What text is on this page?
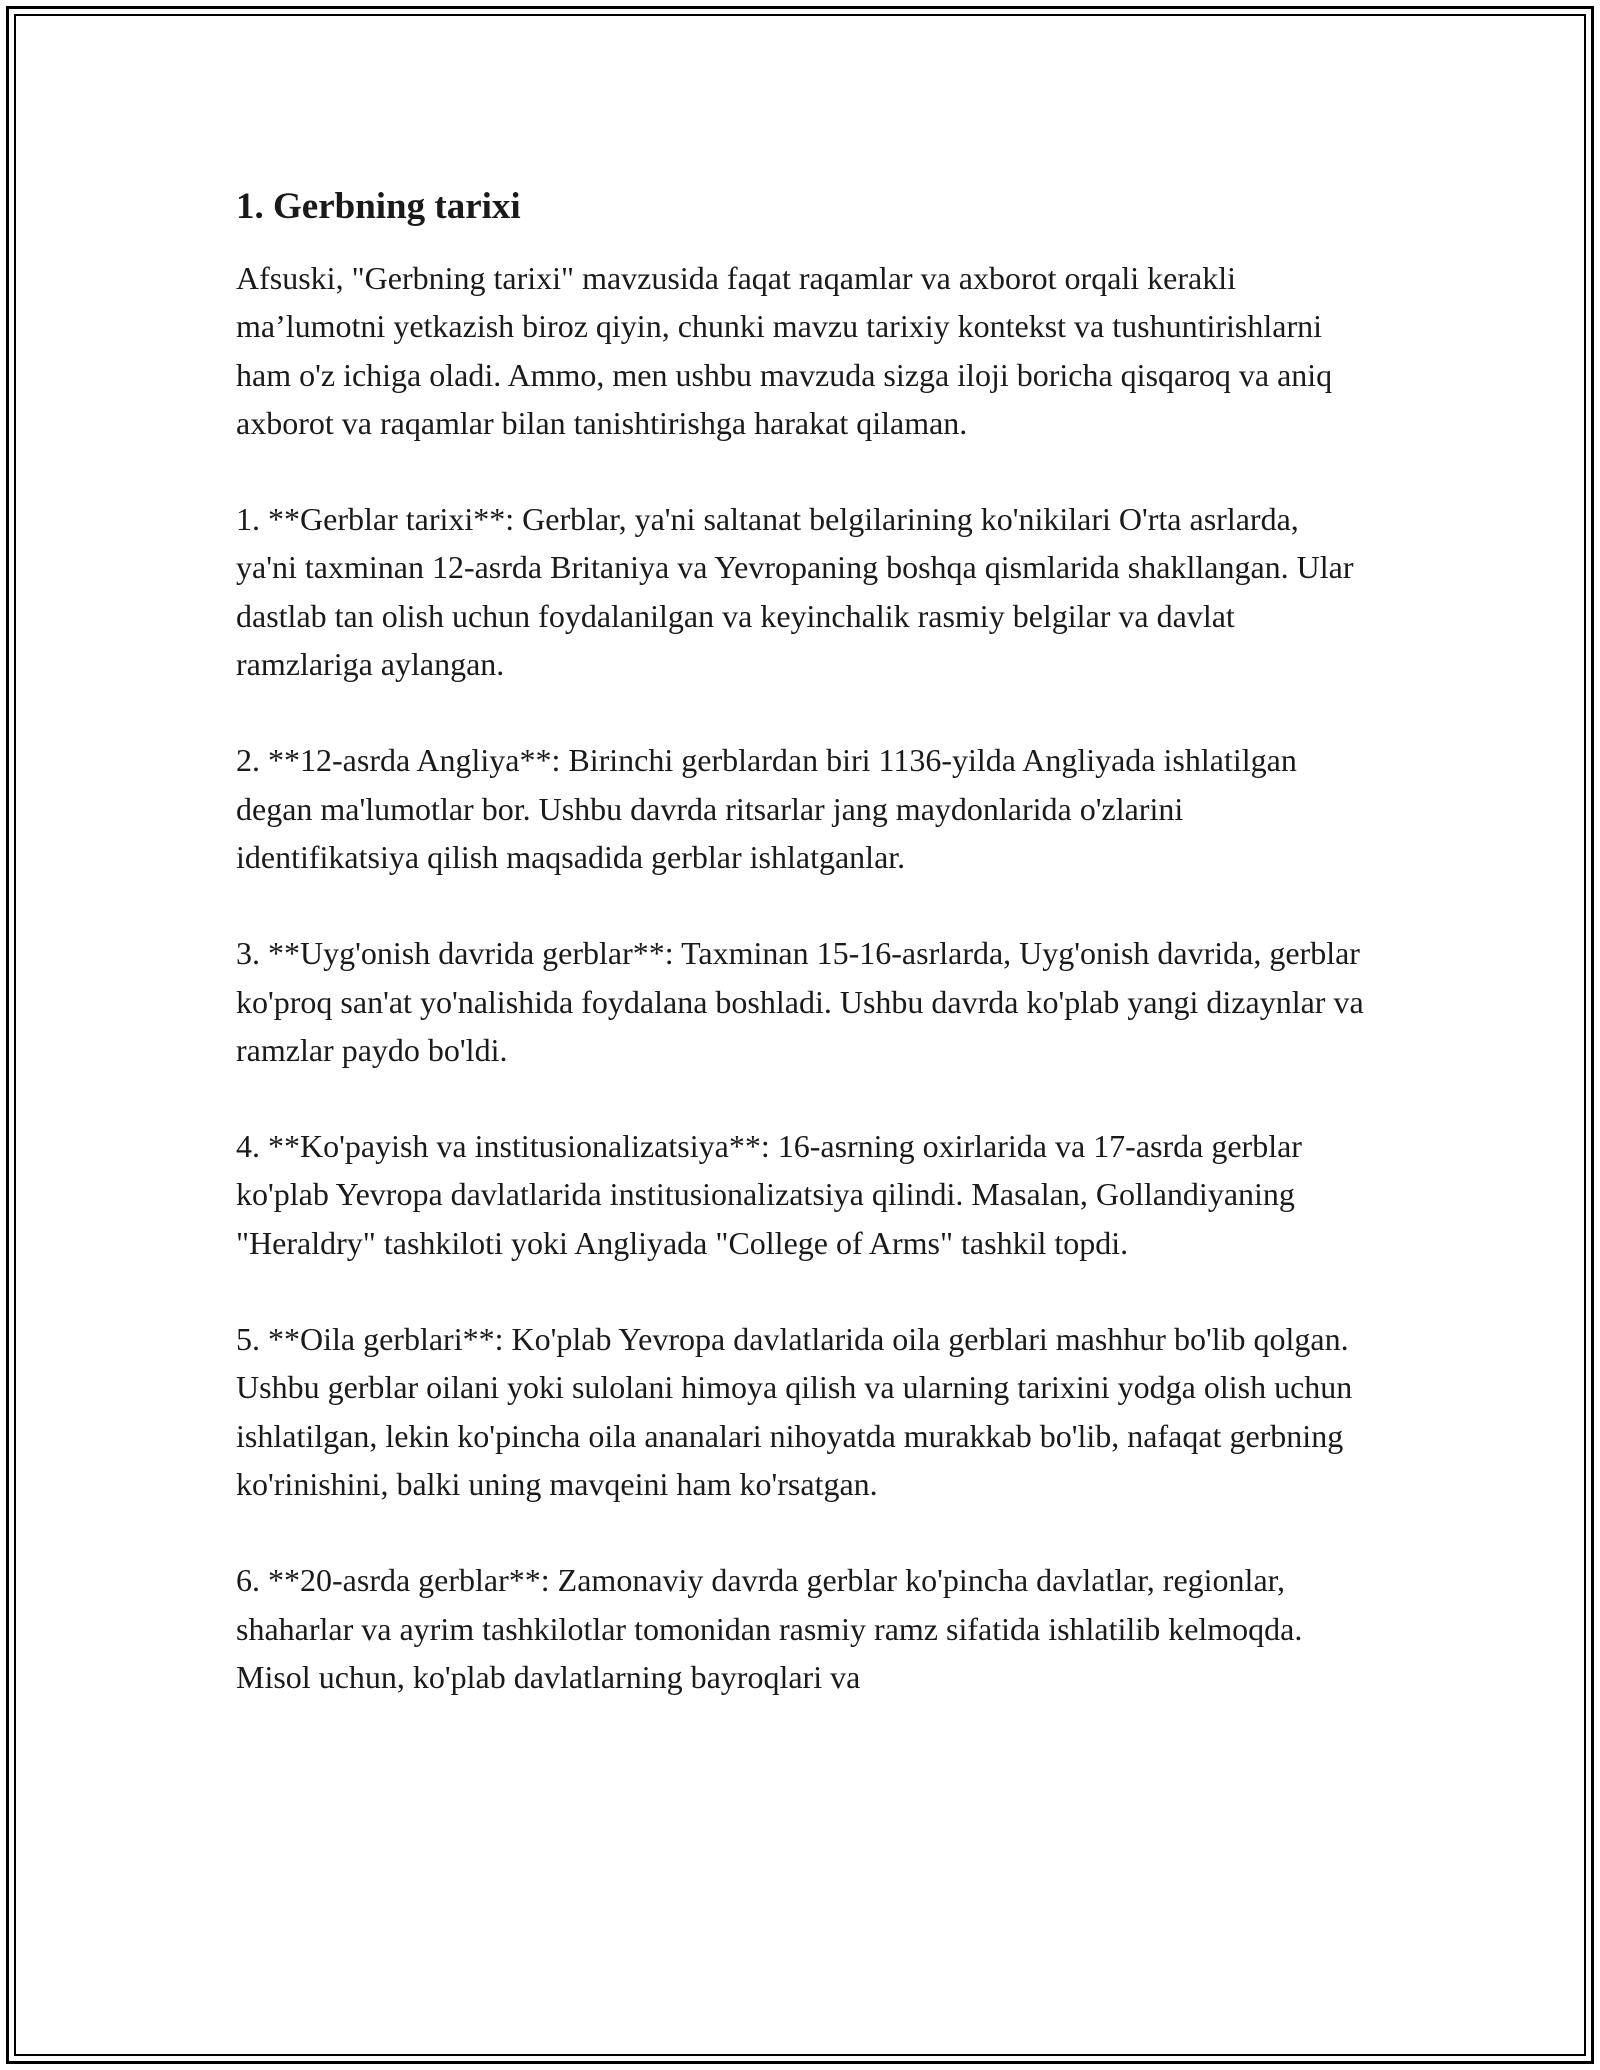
1. Gerbning tarixi

Afsuski, "Gerbning tarixi" mavzusida faqat raqamlar va axborot orqali kerakli ma’lumotni yetkazish biroz qiyin, chunki mavzu tarixiy kontekst va tushuntirishlarni ham o'z ichiga oladi. Ammo, men ushbu mavzuda sizga iloji boricha qisqaroq va aniq axborot va raqamlar bilan tanishtirishga harakat qilaman.

1. **Gerblar tarixi**: Gerblar, ya'ni saltanat belgilarining ko'nikilari O'rta asrlarda, ya'ni taxminan 12-asrda Britaniya va Yevropaning boshqa qismlarida shakllangan. Ular dastlab tan olish uchun foydalanilgan va keyinchalik rasmiy belgilar va davlat ramzlariga aylangan.

2. **12-asrda Angliya**: Birinchi gerblardan biri 1136-yilda Angliyada ishlatilgan degan ma'lumotlar bor. Ushbu davrda ritsarlar jang maydonlarida o'zlarini identifikatsiya qilish maqsadida gerblar ishlatganlar.

3. **Uyg'onish davrida gerblar**: Taxminan 15-16-asrlarda, Uyg'onish davrida, gerblar ko'proq san'at yo'nalishida foydalana boshladi. Ushbu davrda ko'plab yangi dizaynlar va ramzlar paydo bo'ldi.

4. **Ko'payish va institusionalizatsiya**: 16-asrning oxirlarida va 17-asrda gerblar ko'plab Yevropa davlatlarida institusionalizatsiya qilindi. Masalan, Gollandiyaning "Heraldry" tashkiloti yoki Angliyada "College of Arms" tashkil topdi.

5. **Oila gerblari**: Ko'plab Yevropa davlatlarida oila gerblari mashhur bo'lib qolgan. Ushbu gerblar oilani yoki sulolani himoya qilish va ularning tarixini yodga olish uchun ishlatilgan, lekin ko'pincha oila ananalari nihoyatda murakkab bo'lib, nafaqat gerbning ko'rinishini, balki uning mavqeini ham ko'rsatgan.

6. **20-asrda gerblar**: Zamonaviy davrda gerblar ko'pincha davlatlar, regionlar, shaharlar va ayrim tashkilotlar tomonidan rasmiy ramz sifatida ishlatilib kelmoqda. Misol uchun, ko'plab davlatlarning bayroqlari va
